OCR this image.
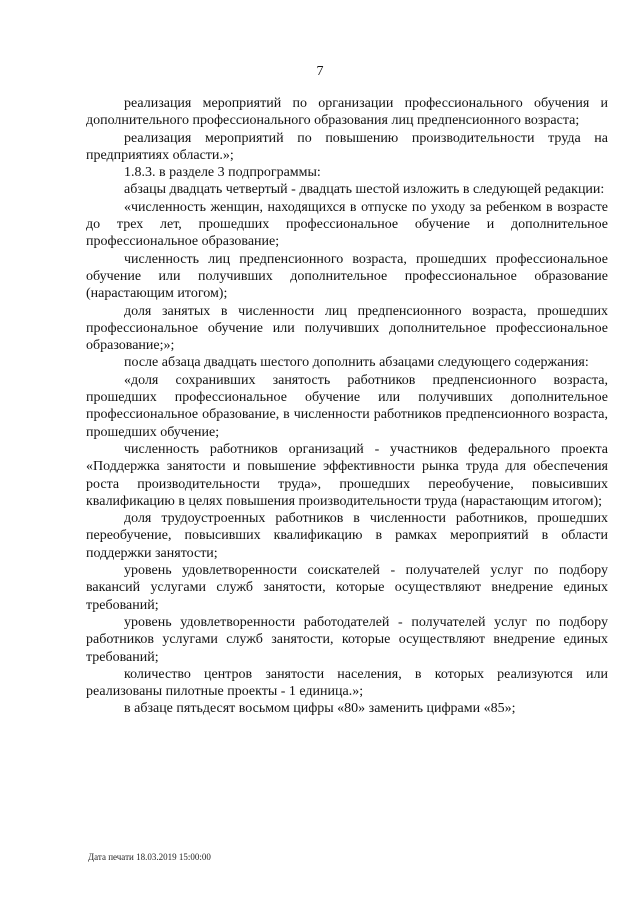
7

реализация мероприятий по организации профессионального обучения и дополнительного профессионального образования лиц предпенсионного возраста;

реализация мероприятий по повышению производительности труда на предприятиях области.»;

1.8.3. в разделе 3 подпрограммы:

абзацы двадцать четвертый - двадцать шестой изложить в следующей редакции:

«численность женщин, находящихся в отпуске по уходу за ребенком в возрасте до трех лет, прошедших профессиональное обучение и дополнительное профессиональное образование;

численность лиц предпенсионного возраста, прошедших профессиональное обучение или получивших дополнительное профессиональное образование (нарастающим итогом);

доля занятых в численности лиц предпенсионного возраста, прошедших профессиональное обучение или получивших дополнительное профессиональное образование;»;

после абзаца двадцать шестого дополнить абзацами следующего содержания:

«доля сохранивших занятость работников предпенсионного возраста, прошедших профессиональное обучение или получивших дополнительное профессиональное образование, в численности работников предпенсионного возраста, прошедших обучение;

численность работников организаций - участников федерального проекта «Поддержка занятости и повышение эффективности рынка труда для обеспечения роста производительности труда», прошедших переобучение, повысивших квалификацию в целях повышения производительности труда (нарастающим итогом);

доля трудоустроенных работников в численности работников, прошедших переобучение, повысивших квалификацию в рамках мероприятий в области поддержки занятости;

уровень удовлетворенности соискателей - получателей услуг по подбору вакансий услугами служб занятости, которые осуществляют внедрение единых требований;

уровень удовлетворенности работодателей - получателей услуг по подбору работников услугами служб занятости, которые осуществляют внедрение единых требований;

количество центров занятости населения, в которых реализуются или реализованы пилотные проекты - 1 единица.»;

в абзаце пятьдесят восьмом цифры «80» заменить цифрами «85»;

Дата печати 18.03.2019 15:00:00
